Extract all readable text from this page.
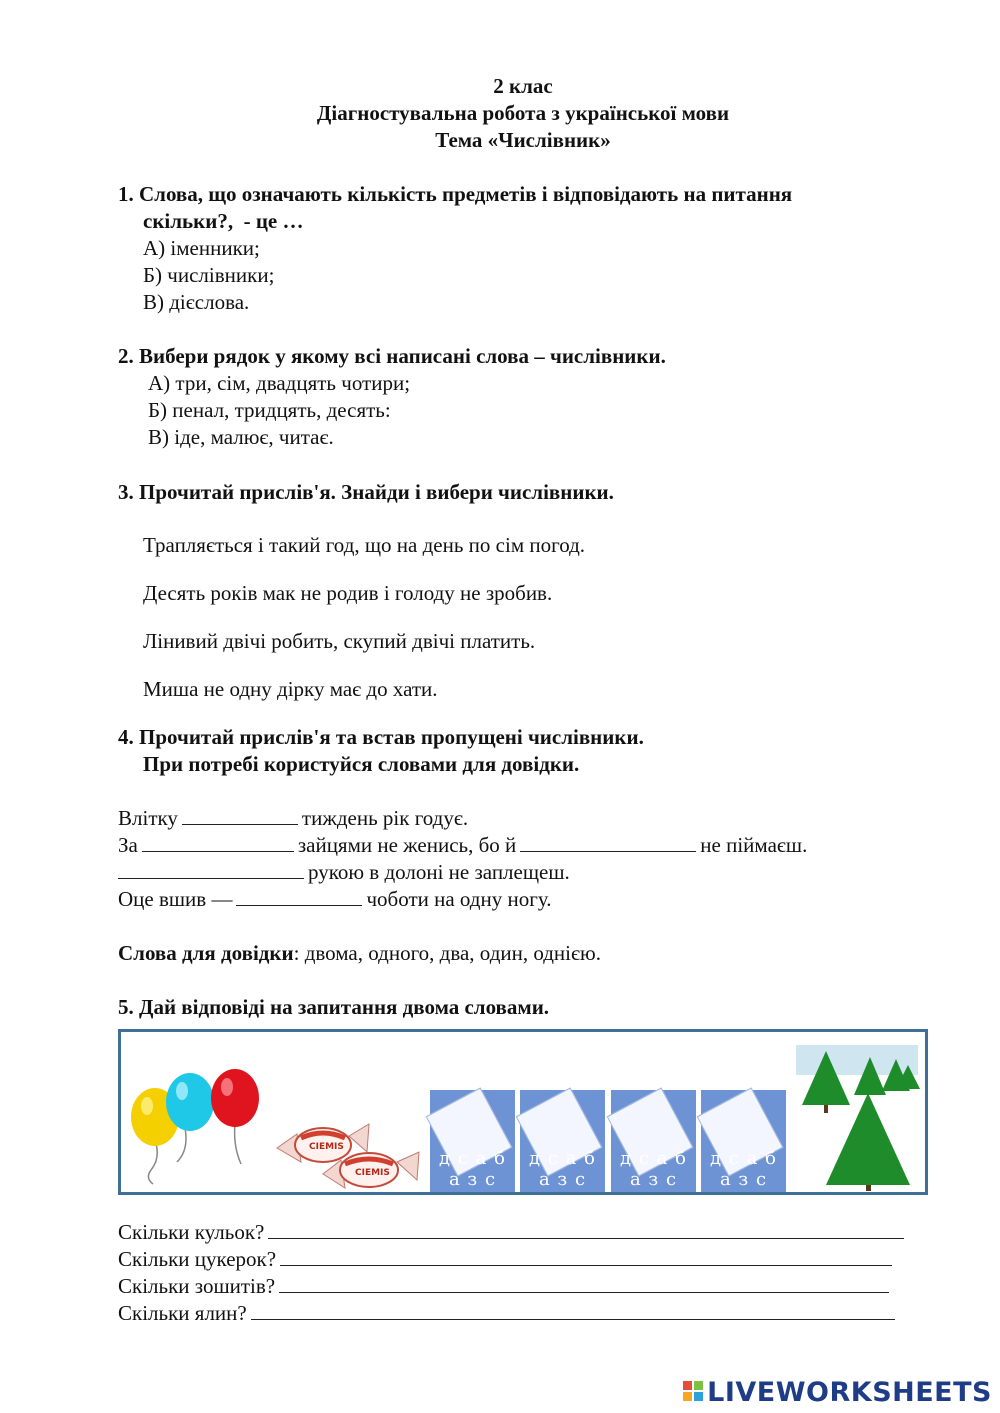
2 клас
Діагностувальна робота з української мови
Тема «Числівник»
1. Слова, що означають кількість предметів і відповідають на питання
скільки?,  - це …
А) іменники;
Б) числівники;
В) дієслова.
2. Вибери рядок у якому всі написані слова – числівники.
А) три, сім, двадцять чотири;
Б) пенал, тридцять, десять:
В) іде, малює, читає.
3. Прочитай прислів'я. Знайди і вибери числівники.
Трапляється і такий год, що на день по сім погод.
Десять років мак не родив і голоду не зробив.
Лінивий двічі робить, скупий двічі платить.
Миша не одну дірку має до хати.
4. Прочитай прислів'я та встав пропущені числівники.
При потребі користуйся словами для довідки.
Влітку	тиждень рік годує.
За	зайцями не женись, бо й	не піймаєш.
рукою в долоні не заплещеш.
Оце вшив —	чоботи на одну ногу.
Слова для довідки: двома, одного, два, один, однією.
5. Дай відповіді на запитання двома словами.
CIEMIS
CIEMIS
д с а б а з с
д с а б а з с
д с а б а з с
д с а б а з с
Скільки кульок?
Скільки цукерок?
Скільки зошитів?
Скільки ялин?
LIVEWORKSHEETS
